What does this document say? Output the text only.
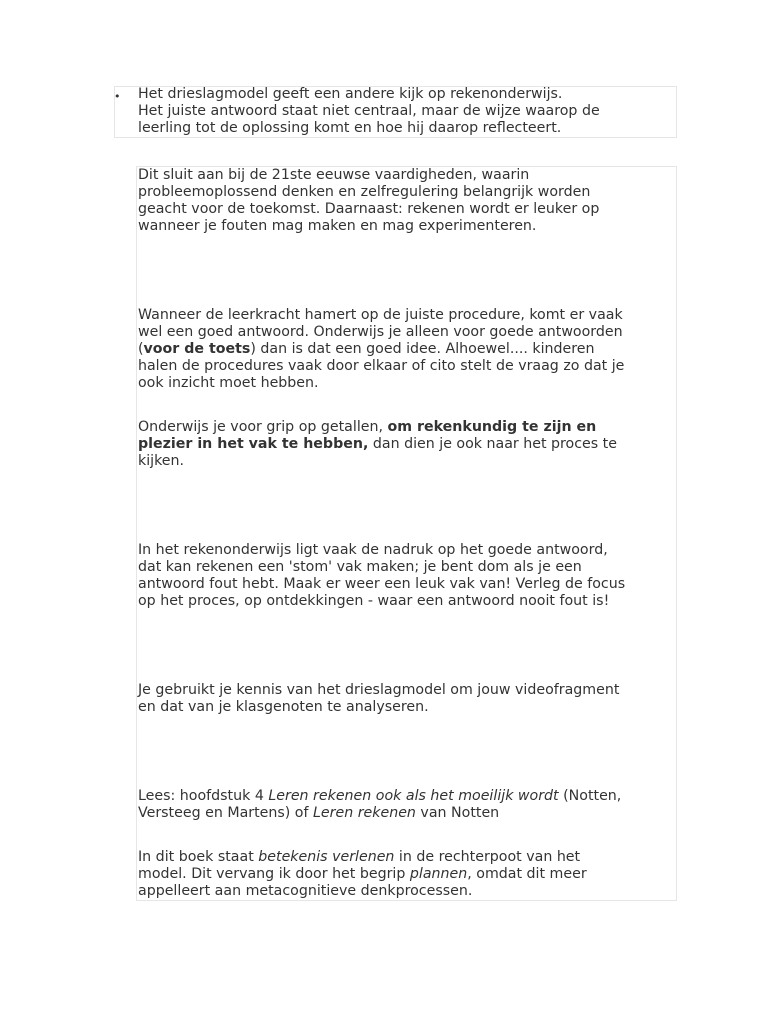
• Het drieslagmodel geeft een andere kijk op rekenonderwijs.
Het juiste antwoord staat niet centraal, maar de wijze waarop de
leerling tot de oplossing komt en hoe hij daarop reflecteert.
Dit sluit aan bij de 21ste eeuwse vaardigheden, waarin
probleemoplossend denken en zelfregulering belangrijk worden
geacht voor de toekomst. Daarnaast: rekenen wordt er leuker op
wanneer je fouten mag maken en mag experimenteren.
Wanneer de leerkracht hamert op de juiste procedure, komt er vaak
wel een goed antwoord. Onderwijs je alleen voor goede antwoorden
(voor de toets) dan is dat een goed idee. Alhoewel.... kinderen
halen de procedures vaak door elkaar of cito stelt de vraag zo dat je
ook inzicht moet hebben.
Onderwijs je voor grip op getallen, om rekenkundig te zijn en
plezier in het vak te hebben, dan dien je ook naar het proces te
kijken.
In het rekenonderwijs ligt vaak de nadruk op het goede antwoord,
dat kan rekenen een 'stom' vak maken; je bent dom als je een
antwoord fout hebt. Maak er weer een leuk vak van! Verleg de focus
op het proces, op ontdekkingen - waar een antwoord nooit fout is!
Je gebruikt je kennis van het drieslagmodel om jouw videofragment
en dat van je klasgenoten te analyseren.
Lees: hoofdstuk 4 Leren rekenen ook als het moeilijk wordt (Notten,
Versteeg en Martens) of Leren rekenen van Notten
In dit boek staat betekenis verlenen in de rechterpoot van het
model. Dit vervang ik door het begrip plannen, omdat dit meer
appelleert aan metacognitieve denkprocessen.
